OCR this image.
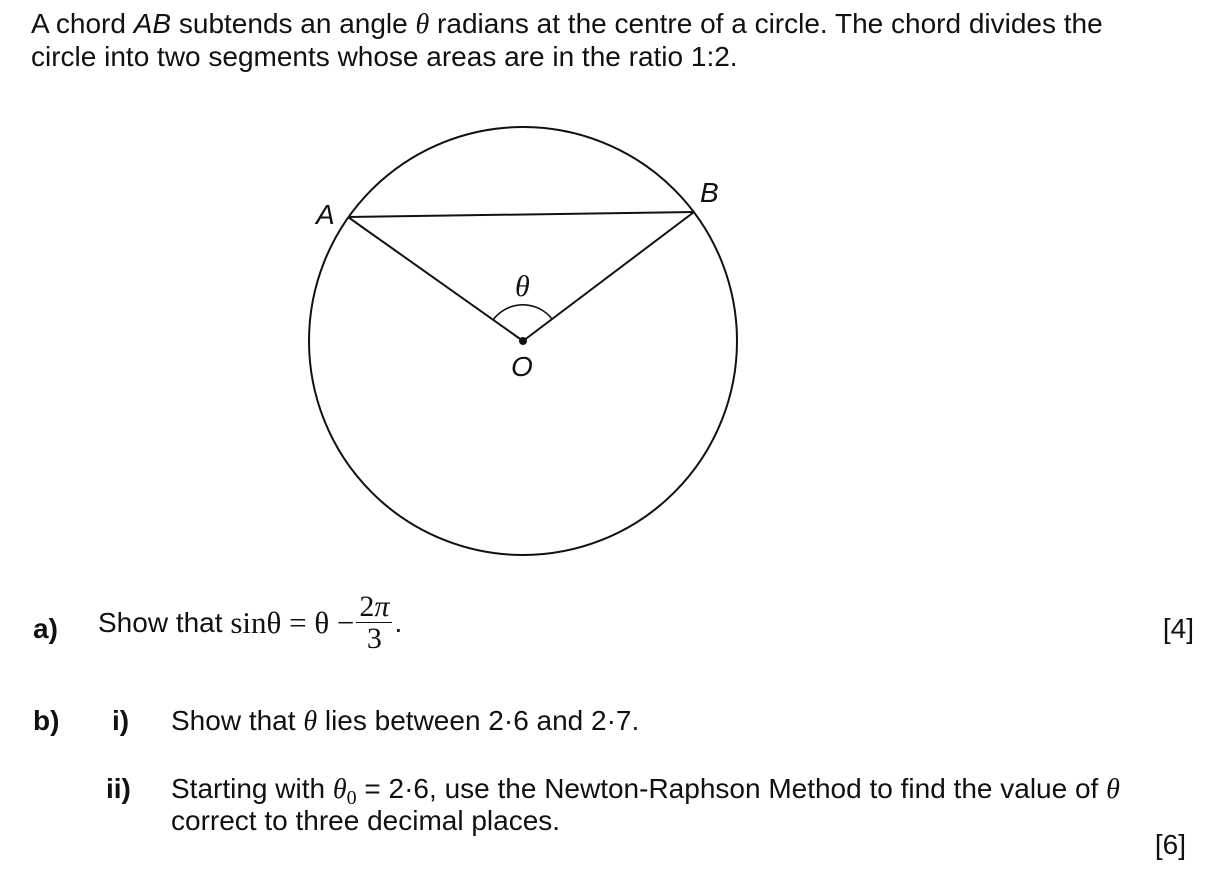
A chord AB subtends an angle θ radians at the centre of a circle. The chord divides the
circle into two segments whose areas are in the ratio 1:2.
A
B
O
θ
a) Show that $\sin\theta = \theta - \frac{2\pi}{3}$ .	[4]
b) i) Show that θ lies between 2·6 and 2·7.
ii) Starting with $\theta_0 = 2\cdot 6$, use the Newton-Raphson Method to find the value of θ
correct to three decimal places.
[6]
